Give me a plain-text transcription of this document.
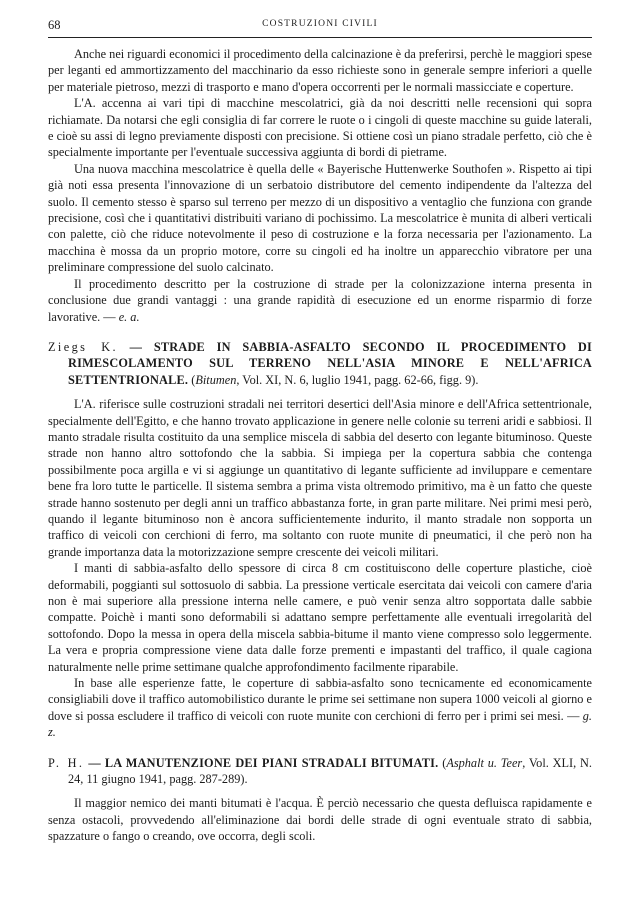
68	COSTRUZIONI CIVILI

Anche nei riguardi economici il procedimento della calcinazione è da preferirsi, perchè le maggiori spese per leganti ed ammortizzamento del macchinario da esso richieste sono in generale sempre inferiori a quelle per materiale pietroso, mezzi di trasporto e mano d'opera occorrenti per le normali massicciate e coperture.

L'A. accenna ai vari tipi di macchine mescolatrici, già da noi descritti nelle recensioni qui sopra richiamate. Da notarsi che egli consiglia di far correre le ruote o i cingoli di queste macchine su guide laterali, e cioè su assi di legno previamente disposti con precisione. Si ottiene così un piano stradale perfetto, ciò che è specialmente importante per l'eventuale successiva aggiunta di bordi di pietrame.

Una nuova macchina mescolatrice è quella delle « Bayerische Huttenwerke Southofen ». Rispetto ai tipi già noti essa presenta l'innovazione di un serbatoio distributore del cemento indipendente da l'altezza del suolo. Il cemento stesso è sparso sul terreno per mezzo di un dispositivo a ventaglio che funziona con grande precisione, così che i quantitativi distribuiti variano di pochissimo. La mescolatrice è munita di alberi verticali con palette, ciò che riduce notevolmente il peso di costruzione e la forza necessaria per l'azionamento. La macchina è mossa da un proprio motore, corre su cingoli ed ha inoltre un apparecchio vibratore per una preliminare compressione del suolo calcinato.

Il procedimento descritto per la costruzione di strade per la colonizzazione interna presenta in conclusione due grandi vantaggi : una grande rapidità di esecuzione ed un enorme risparmio di forze lavorative. — e. a.

Ziegs K. — STRADE IN SABBIA-ASFALTO SECONDO IL PROCEDIMENTO DI RIMESCOLAMENTO SUL TERRENO NELL'ASIA MINORE E NELL'AFRICA SETTENTRIONALE. (Bitumen, Vol. XI, N. 6, luglio 1941, pagg. 62-66, figg. 9).

L'A. riferisce sulle costruzioni stradali nei territori desertici dell'Asia minore e dell'Africa settentrionale, specialmente dell'Egitto, e che hanno trovato applicazione in genere nelle colonie su terreni aridi e sabbiosi. Il manto stradale risulta costituito da una semplice miscela di sabbia del deserto con legante bituminoso. Queste strade non hanno altro sottofondo che la sabbia. Si impiega per la copertura sabbia che contenga possibilmente poca argilla e vi si aggiunge un quantitativo di legante sufficiente ad inviluppare e cementare bene fra loro tutte le particelle. Il sistema sembra a prima vista oltremodo primitivo, ma è un fatto che queste strade hanno sostenuto per degli anni un traffico abbastanza forte, in gran parte militare. Nei primi mesi però, quando il legante bituminoso non è ancora sufficientemente indurito, il manto stradale non sopporta un traffico di veicoli con cerchioni di ferro, ma soltanto con ruote munite di pneumatici, il che però non ha grande importanza data la motorizzazione sempre crescente dei veicoli militari.

I manti di sabbia-asfalto dello spessore di circa 8 cm costituiscono delle coperture plastiche, cioè deformabili, poggianti sul sottosuolo di sabbia. La pressione verticale esercitata dai veicoli con camere d'aria non è mai superiore alla pressione interna nelle camere, e può venir senza altro sopportata dalle sabbie compatte. Poichè i manti sono deformabili si adattano sempre perfettamente alle eventuali irregolarità del sottofondo. Dopo la messa in opera della miscela sabbia-bitume il manto viene compresso solo leggermente. La vera e propria compressione viene data dalle forze prementi e impastanti del traffico, il quale cagiona naturalmente nelle prime settimane qualche approfondimento facilmente riparabile.

In base alle esperienze fatte, le coperture di sabbia-asfalto sono tecnicamente ed economicamente consigliabili dove il traffico automobilistico durante le prime sei settimane non supera 1000 veicoli al giorno e dove si possa escludere il traffico di veicoli con ruote munite con cerchioni di ferro per i primi sei mesi. — g. z.

P. H. — LA MANUTENZIONE DEI PIANI STRADALI BITUMATI. (Asphalt u. Teer, Vol. XLI, N. 24, 11 giugno 1941, pagg. 287-289).

Il maggior nemico dei manti bitumati è l'acqua. È perciò necessario che questa defluisca rapidamente e senza ostacoli, provvedendo all'eliminazione dai bordi delle strade di ogni eventuale strato di sabbia, spazzature o fango o creando, ove occorra, degli scoli.
